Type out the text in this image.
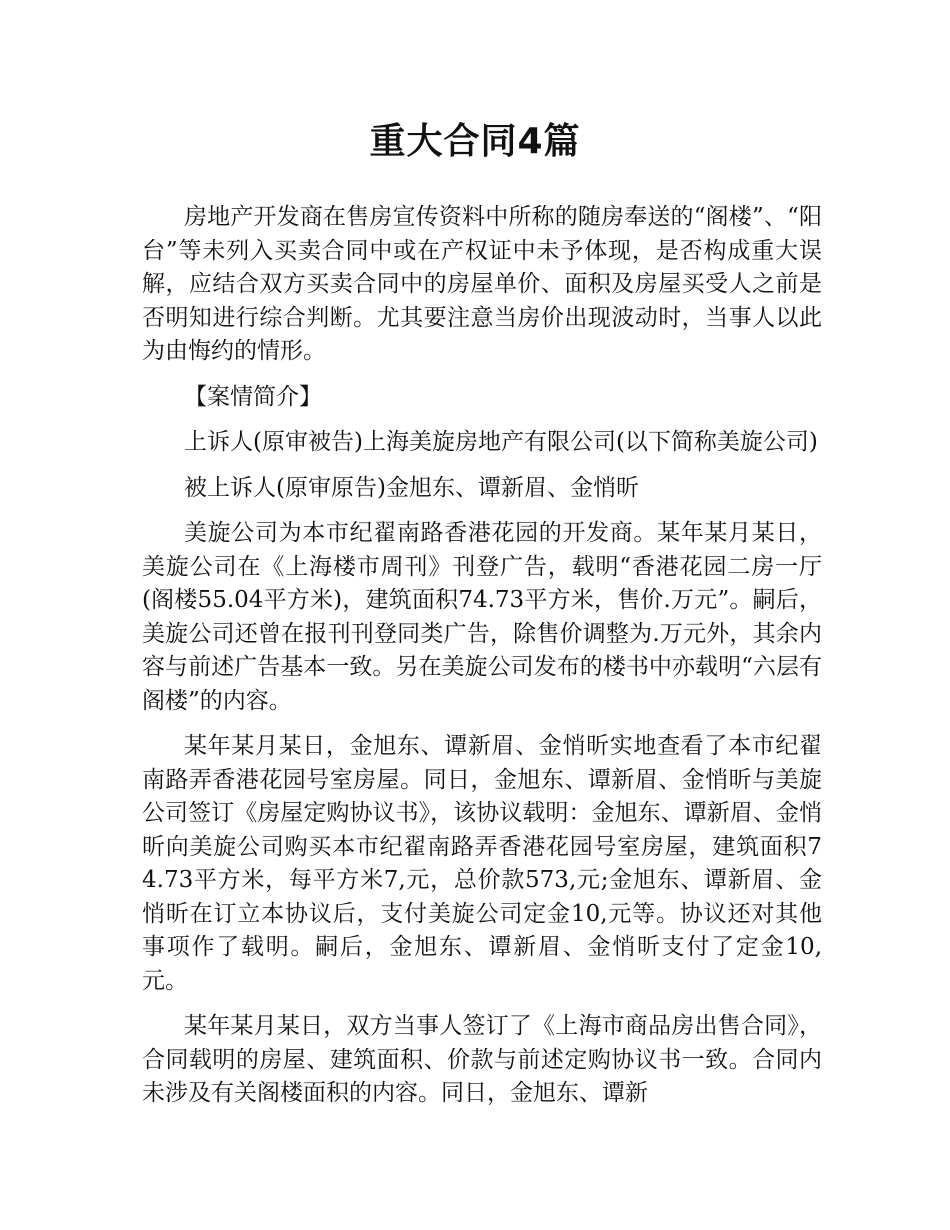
重大合同4篇

房地产开发商在售房宣传资料中所称的随房奉送的“阁楼”、“阳台”等未列入买卖合同中或在产权证中未予体现，是否构成重大误解，应结合双方买卖合同中的房屋单价、面积及房屋买受人之前是否明知进行综合判断。尤其要注意当房价出现波动时，当事人以此为由悔约的情形。

【案情简介】

上诉人(原审被告)上海美旋房地产有限公司(以下简称美旋公司)

被上诉人(原审原告)金旭东、谭新眉、金悄昕

美旋公司为本市纪翟南路香港花园的开发商。某年某月某日，美旋公司在《上海楼市周刊》刊登广告，载明“香港花园二房一厅(阁楼55.04平方米)，建筑面积74.73平方米，售价.万元”。嗣后，美旋公司还曾在报刊刊登同类广告，除售价调整为.万元外，其余内容与前述广告基本一致。另在美旋公司发布的楼书中亦载明“六层有阁楼”的内容。

某年某月某日，金旭东、谭新眉、金悄昕实地查看了本市纪翟南路弄香港花园号室房屋。同日，金旭东、谭新眉、金悄昕与美旋公司签订《房屋定购协议书》，该协议载明：金旭东、谭新眉、金悄昕向美旋公司购买本市纪翟南路弄香港花园号室房屋，建筑面积74.73平方米，每平方米7,元，总价款573,元;金旭东、谭新眉、金悄昕在订立本协议后，支付美旋公司定金10,元等。协议还对其他事项作了载明。嗣后，金旭东、谭新眉、金悄昕支付了定金10,元。

某年某月某日，双方当事人签订了《上海市商品房出售合同》，合同载明的房屋、建筑面积、价款与前述定购协议书一致。合同内未涉及有关阁楼面积的内容。同日，金旭东、谭新
